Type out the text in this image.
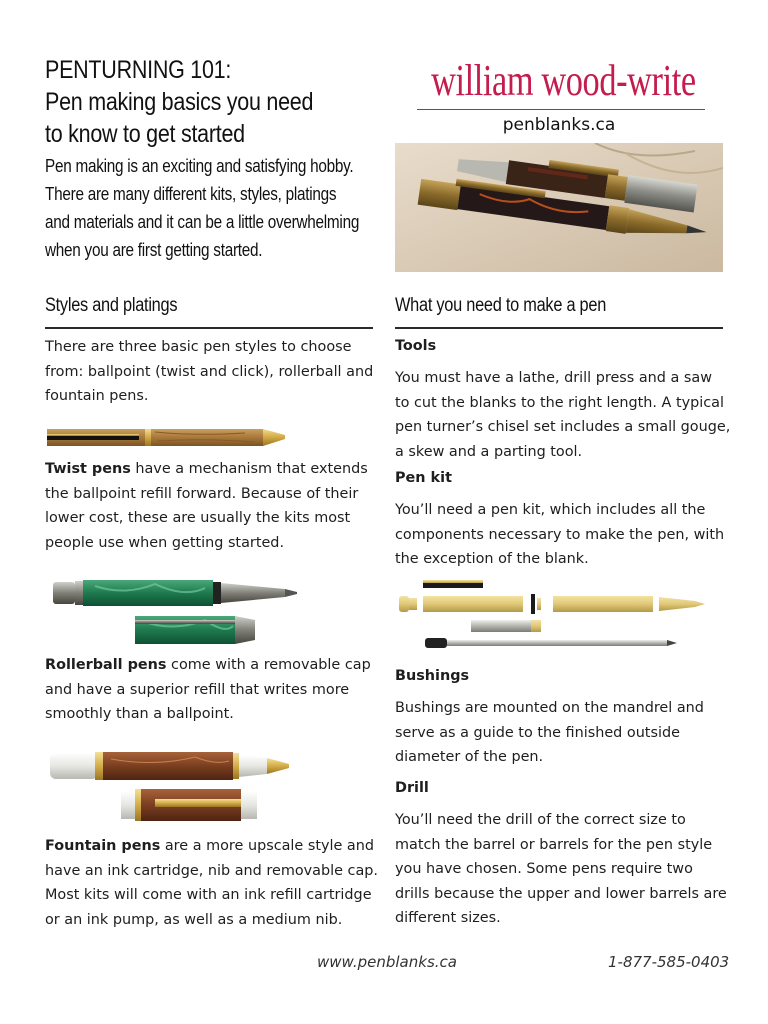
PENTURNING 101:
Pen making basics you need
to know to get started
Pen making is an exciting and satisfying hobby.
There are many different kits, styles, platings
and materials and it can be a little overwhelming
when you are first getting started.
william wood-write
penblanks.ca
Styles and platings	What you need to make a pen
There are three basic pen styles to choose
from: ballpoint (twist and click), rollerball and
fountain pens.
Twist pens have a mechanism that extends
the ballpoint refill forward. Because of their
lower cost, these are usually the kits most
people use when getting started.
Rollerball pens come with a removable cap
and have a superior refill that writes more
smoothly than a ballpoint.
Fountain pens are a more upscale style and
have an ink cartridge, nib and removable cap.
Most kits will come with an ink refill cartridge
or an ink pump, as well as a medium nib.
Tools
You must have a lathe, drill press and a saw
to cut the blanks to the right length. A typical
pen turner’s chisel set includes a small gouge,
a skew and a parting tool.
Pen kit
You’ll need a pen kit, which includes all the
components necessary to make the pen, with
the exception of the blank.
Bushings
Bushings are mounted on the mandrel and
serve as a guide to the finished outside
diameter of the pen.
Drill
You’ll need the drill of the correct size to
match the barrel or barrels for the pen style
you have chosen. Some pens require two
drills because the upper and lower barrels are
different sizes.
www.penblanks.ca	1-877-585-0403
